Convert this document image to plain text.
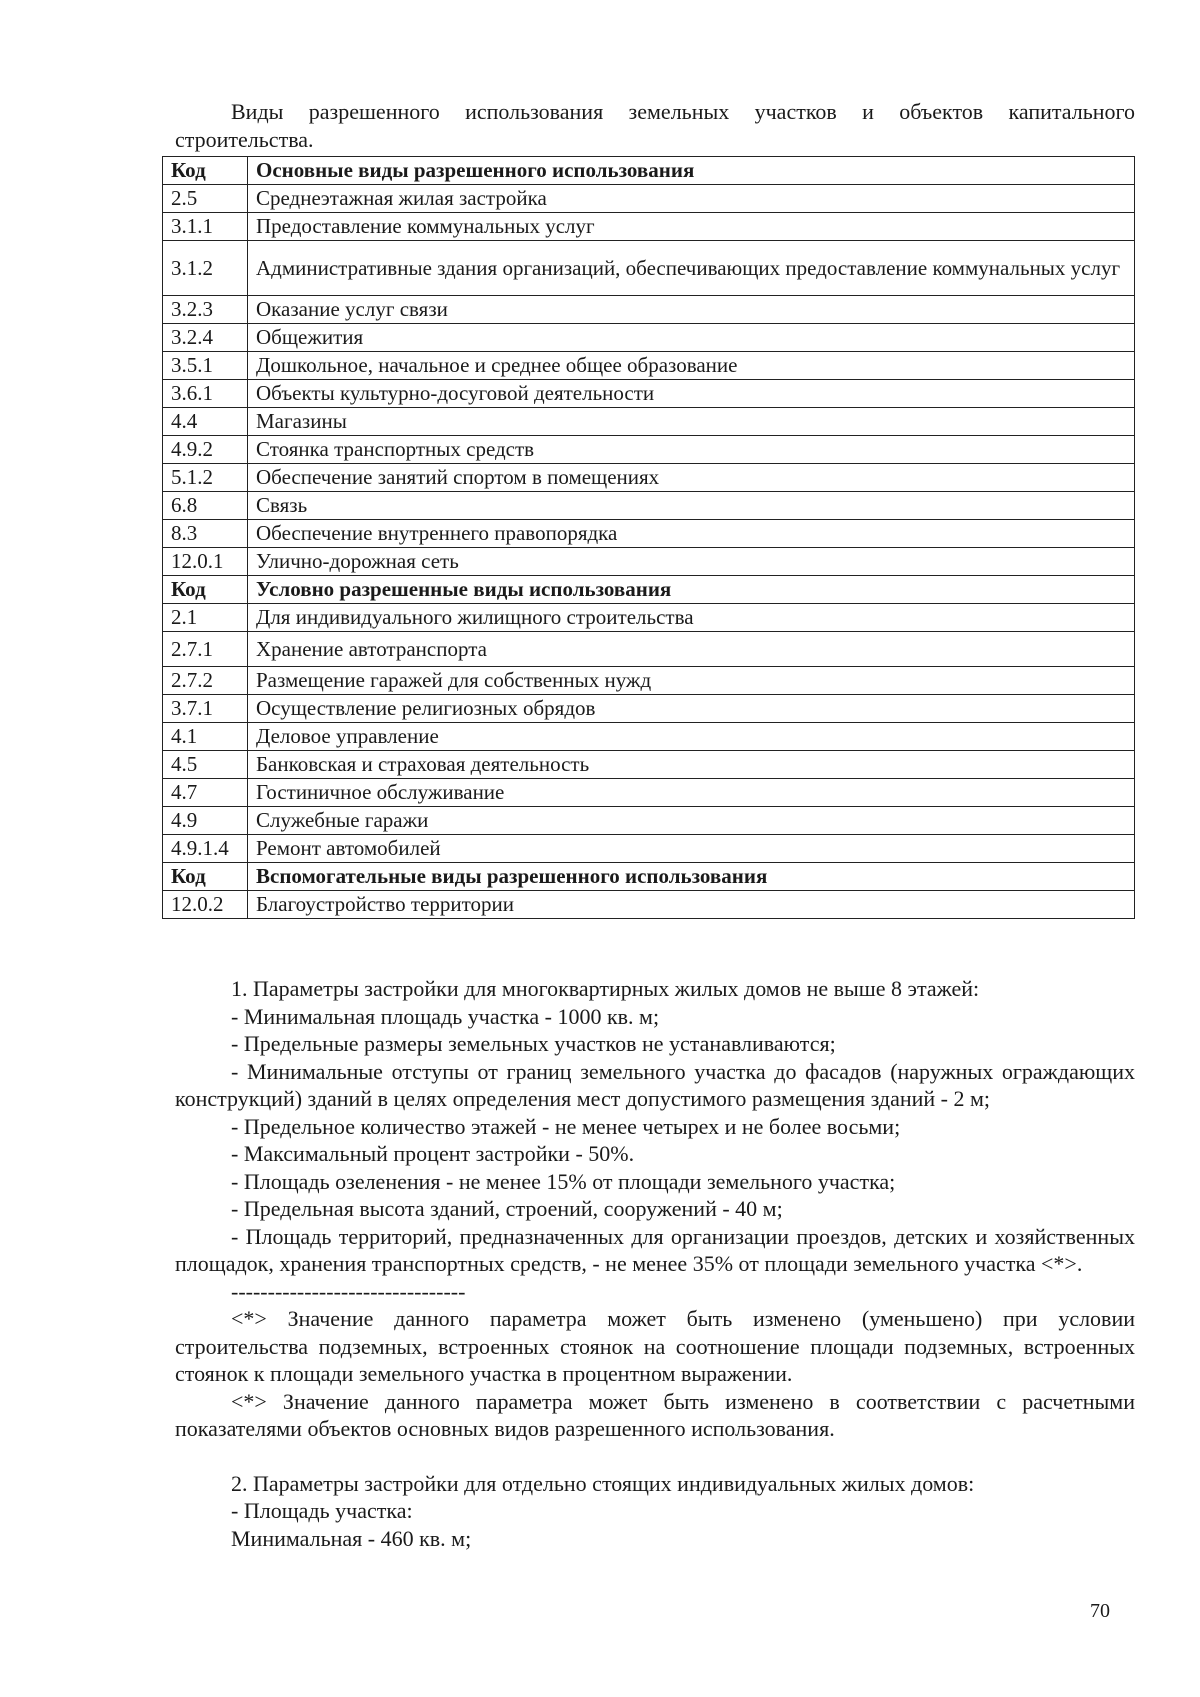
Виды разрешенного использования земельных участков и объектов капитального строительства.
Код	Основные виды разрешенного использования
2.5	Среднеэтажная жилая застройка
3.1.1	Предоставление коммунальных услуг
3.1.2	Административные здания организаций, обеспечивающих предоставление коммунальных услуг
3.2.3	Оказание услуг связи
3.2.4	Общежития
3.5.1	Дошкольное, начальное и среднее общее образование
3.6.1	Объекты культурно-досуговой деятельности
4.4	Магазины
4.9.2	Стоянка транспортных средств
5.1.2	Обеспечение занятий спортом в помещениях
6.8	Связь
8.3	Обеспечение внутреннего правопорядка
12.0.1	Улично-дорожная сеть
Код	Условно разрешенные виды использования
2.1	Для индивидуального жилищного строительства
2.7.1	Хранение автотранспорта
2.7.2	Размещение гаражей для собственных нужд
3.7.1	Осуществление религиозных обрядов
4.1	Деловое управление
4.5	Банковская и страховая деятельность
4.7	Гостиничное обслуживание
4.9	Служебные гаражи
4.9.1.4	Ремонт автомобилей
Код	Вспомогательные виды разрешенного использования
12.0.2	Благоустройство территории

1. Параметры застройки для многоквартирных жилых домов не выше 8 этажей:

- Минимальная площадь участка - 1000 кв. м;

- Предельные размеры земельных участков не устанавливаются;

- Минимальные отступы от границ земельного участка до фасадов (наружных ограждающих конструкций) зданий в целях определения мест допустимого размещения зданий - 2 м;

- Предельное количество этажей - не менее четырех и не более восьми;

- Максимальный процент застройки - 50%.

- Площадь озеленения - не менее 15% от площади земельного участка;

- Предельная высота зданий, строений, сооружений - 40 м;

- Площадь территорий, предназначенных для организации проездов, детских и хозяйственных площадок, хранения транспортных средств, - не менее 35% от площади земельного участка <*>.

--------------------------------

<*> Значение данного параметра может быть изменено (уменьшено) при условии строительства подземных, встроенных стоянок на соотношение площади подземных, встроенных стоянок к площади земельного участка в процентном выражении.

<*> Значение данного параметра может быть изменено в соответствии с расчетными показателями объектов основных видов разрешенного использования.

2. Параметры застройки для отдельно стоящих индивидуальных жилых домов:

- Площадь участка:

Минимальная - 460 кв. м;

70
